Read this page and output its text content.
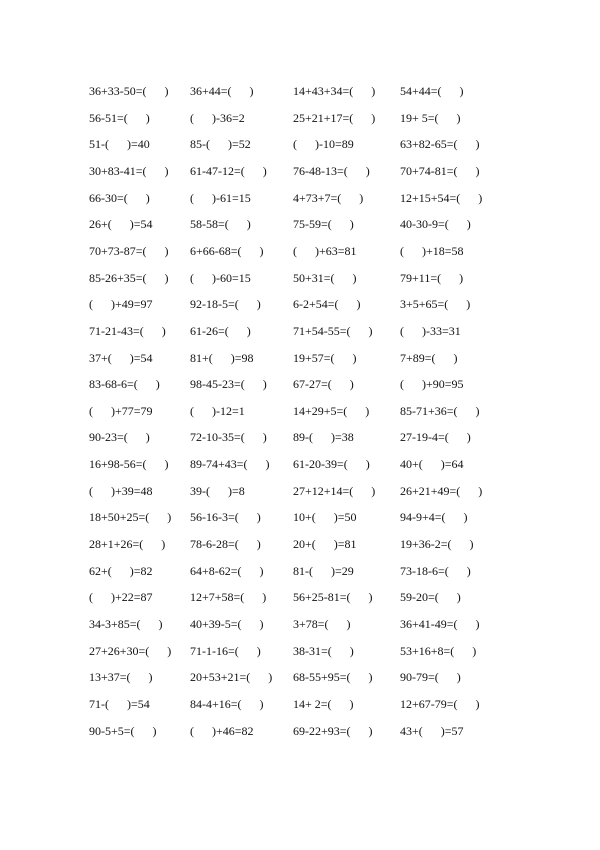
36+33-50=(      ) 36+44=(      )	14+43+34=(      ) 54+44=(      )
56-51=(      )	(      )-36=2	25+21+17=(      ) 19+ 5=(      )
51-(      )=40	85-(      )=52	(      )-10=89	63+82-65=(      )
30+83-41=(      ) 61-47-12=(      ) 76-48-13=(      )	70+74-81=(      )
66-30=(      )	(      )-61=15	4+73+7=(      )	12+15+54=(      )
26+(      )=54	58-58=(      )	75-59=(      )	40-30-9=(      )
70+73-87=(      ) 6+66-68=(      ) (      )+63=81	(      )+18=58
85-26+35=(      ) (      )-60=15	50+31=(      )	79+11=(      )
(      )+49=97	92-18-5=(      )	6-2+54=(      )	3+5+65=(      )
71-21-43=(      ) 61-26=(      )	71+54-55=(      ) (      )-33=31
37+(      )=54	81+(      )=98	19+57=(      )	7+89=(      )
83-68-6=(      )	98-45-23=(      ) 67-27=(      )	(      )+90=95
(      )+77=79	(      )-12=1	14+29+5=(      )	85-71+36=(      )
90-23=(      )	72-10-35=(      ) 89-(      )=38	27-19-4=(      )
16+98-56=(      ) 89-74+43=(      ) 61-20-39=(      )	40+(      )=64
(      )+39=48	39-(      )=8	27+12+14=(      ) 26+21+49=(      )
18+50+25=(      ) 56-16-3=(      )	10+(      )=50	94-9+4=(      )
28+1+26=(      ) 78-6-28=(      )	20+(      )=81	19+36-2=(      )
62+(      )=82	64+8-62=(      ) 81-(      )=29	73-18-6=(      )
(      )+22=87	12+7+58=(      ) 56+25-81=(      ) 59-20=(      )
34-3+85=(      ) 40+39-5=(      ) 3+78=(      )	36+41-49=(      )
27+26+30=(      ) 71-1-16=(      )	38-31=(      )	53+16+8=(      )
13+37=(      )	20+53+21=(      ) 68-55+95=(      ) 90-79=(      )
71-(      )=54	84-4+16=(      ) 14+ 2=(      )	12+67-79=(      )
90-5+5=(      )	(      )+46=82	69-22+93=(      ) 43+(      )=57
